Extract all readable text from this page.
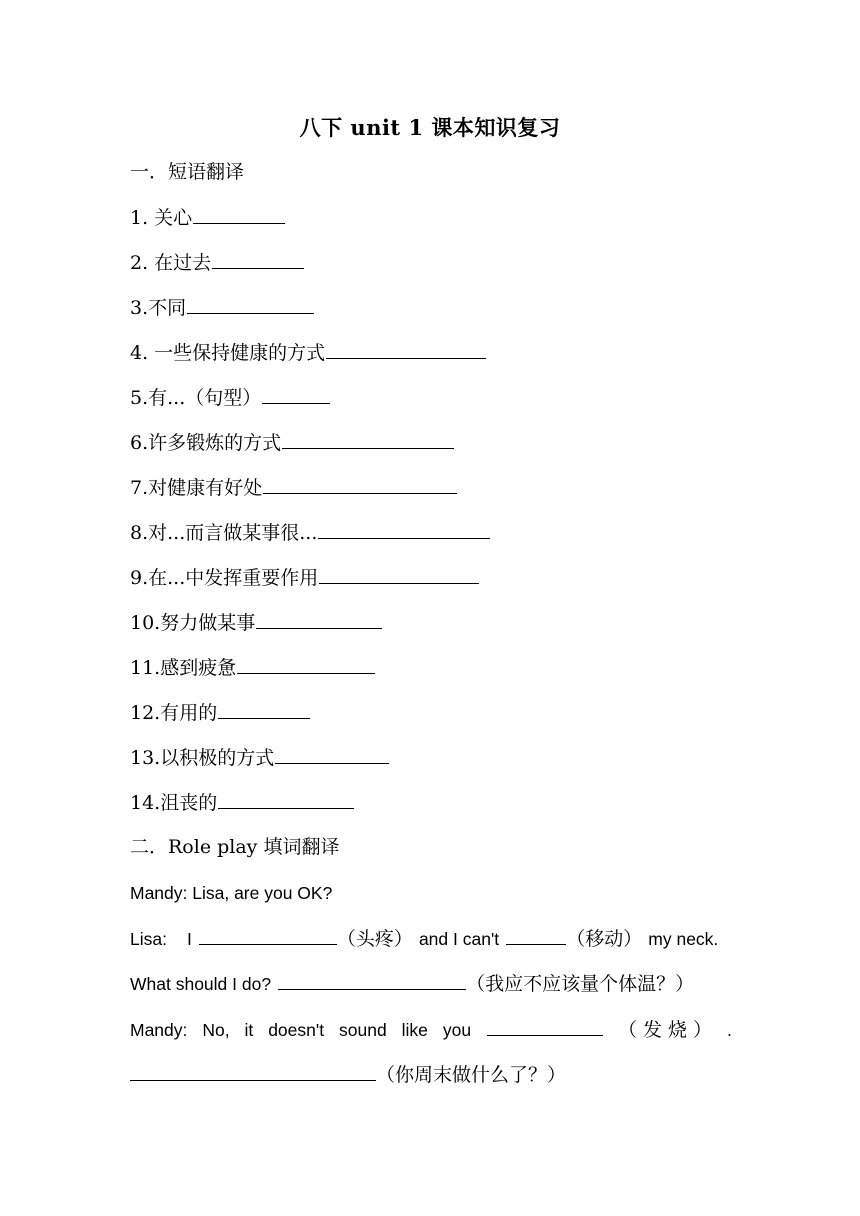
八下 unit 1 课本知识复习
一．短语翻译
1. 关心
2. 在过去
3.不同
4. 一些保持健康的方式
5.有...（句型）
6.许多锻炼的方式
7.对健康有好处
8.对...而言做某事很...
9.在...中发挥重要作用
10.努力做某事
11.感到疲惫
12.有用的
13.以积极的方式
14.沮丧的
二．Role play 填词翻译
Mandy: Lisa, are you OK?
Lisa: I	（头疼） and I can't	（移动） my neck.
What should I do?	（我应不应该量个体温？）
Mandy: No, it doesn't sound like you	（ 发 烧 ） .
（你周末做什么了？）
